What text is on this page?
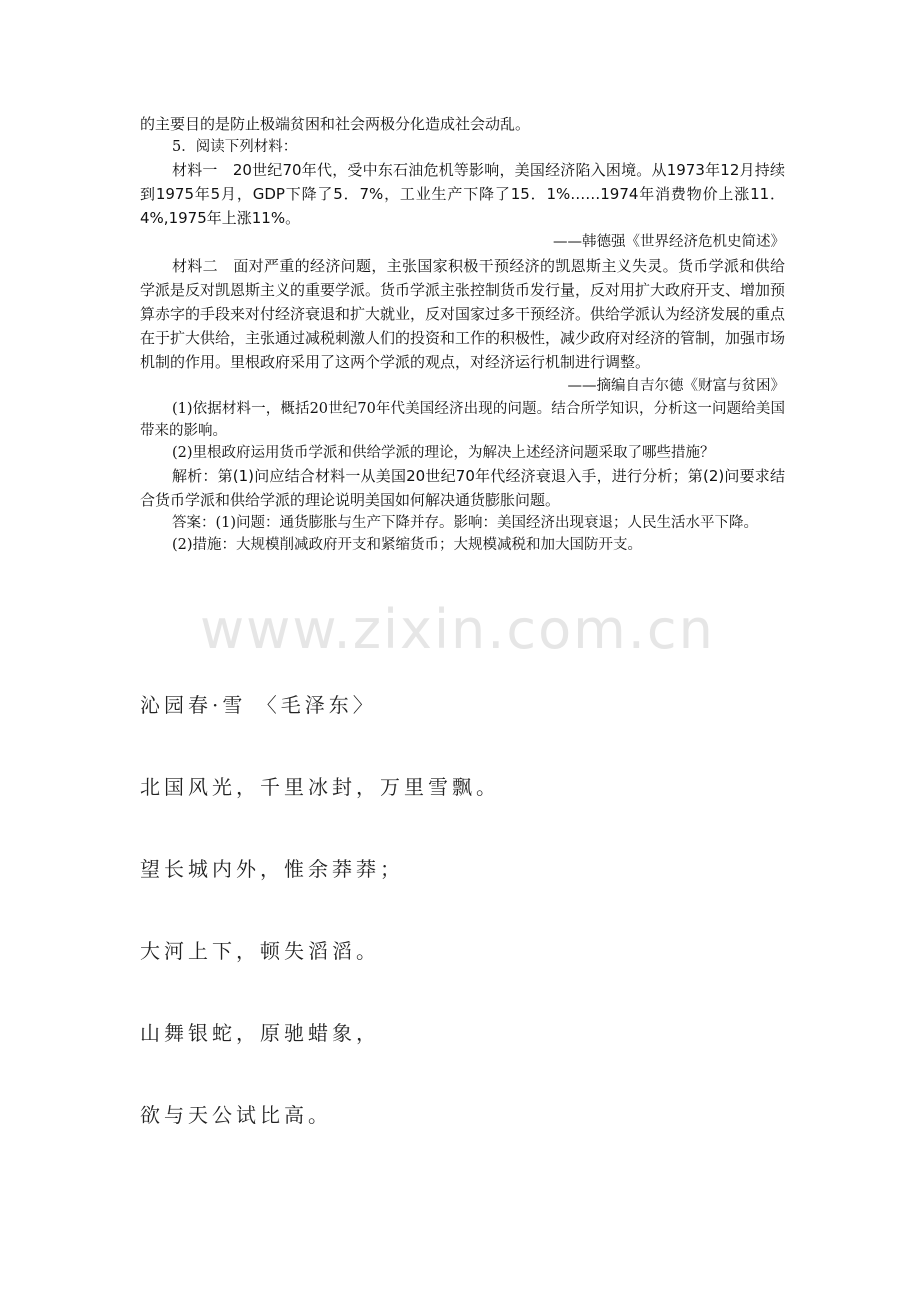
的主要目的是防止极端贫困和社会两极分化造成社会动乱。

5．阅读下列材料：

材料一　20世纪70年代，受中东石油危机等影响，美国经济陷入困境。从1973年12月持续到1975年5月，GDP下降了5．7%，工业生产下降了15．1%……1974年消费物价上涨11．4%,1975年上涨11%。

——韩德强《世界经济危机史简述》

材料二　面对严重的经济问题，主张国家积极干预经济的凯恩斯主义失灵。货币学派和供给学派是反对凯恩斯主义的重要学派。货币学派主张控制货币发行量，反对用扩大政府开支、增加预算赤字的手段来对付经济衰退和扩大就业，反对国家过多干预经济。供给学派认为经济发展的重点在于扩大供给，主张通过减税刺激人们的投资和工作的积极性，减少政府对经济的管制，加强市场机制的作用。里根政府采用了这两个学派的观点，对经济运行机制进行调整。

——摘编自吉尔德《财富与贫困》

(1)依据材料一，概括20世纪70年代美国经济出现的问题。结合所学知识，分析这一问题给美国带来的影响。

(2)里根政府运用货币学派和供给学派的理论，为解决上述经济问题采取了哪些措施？

解析：第(1)问应结合材料一从美国20世纪70年代经济衰退入手，进行分析；第(2)问要求结合货币学派和供给学派的理论说明美国如何解决通货膨胀问题。

答案：(1)问题：通货膨胀与生产下降并存。影响：美国经济出现衰退；人民生活水平下降。

(2)措施：大规模削减政府开支和紧缩货币；大规模减税和加大国防开支。

www.zixin.com.cn

沁园春·雪 〈毛泽东〉

北国风光，千里冰封，万里雪飘。

望长城内外，惟余莽莽；

大河上下，顿失滔滔。

山舞银蛇，原驰蜡象，

欲与天公试比高。
